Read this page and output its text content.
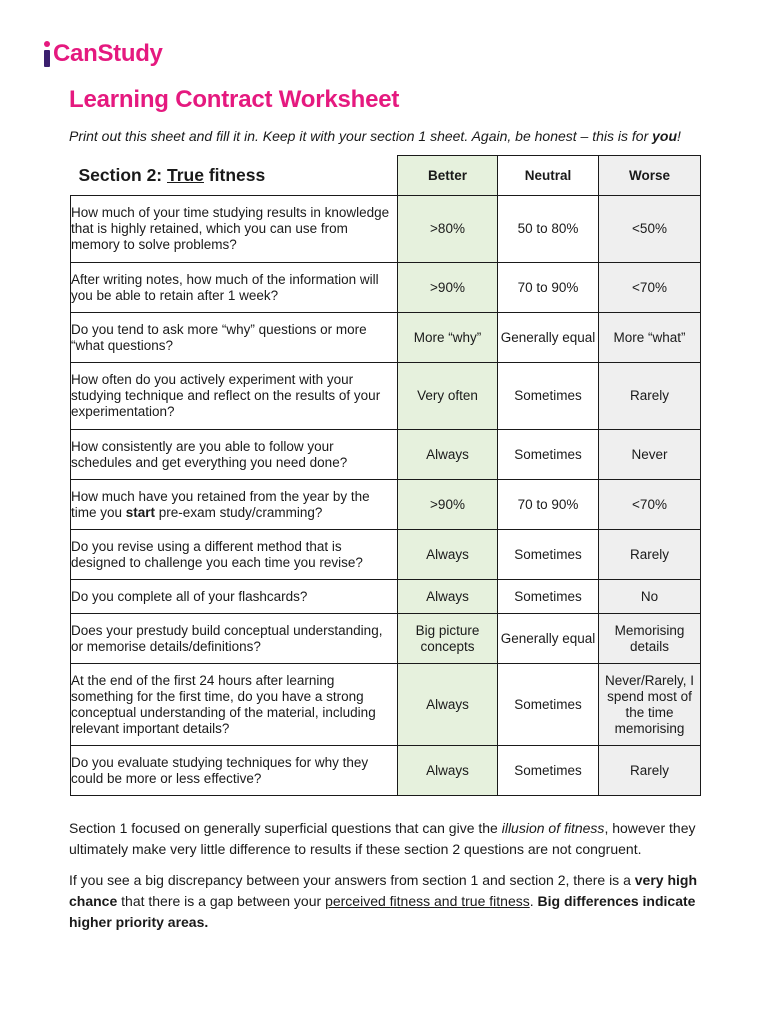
CanStudy
Learning Contract Worksheet
Print out this sheet and fill it in. Keep it with your section 1 sheet. Again, be honest – this is for you!
Section 2: True fitness	Better	Neutral	Worse
How much of your time studying results in knowledge that is highly retained, which you can use from memory to solve problems?	>80%	50 to 80%	<50%
After writing notes, how much of the information will you be able to retain after 1 week?	>90%	70 to 90%	<70%
Do you tend to ask more “why” questions or more “what questions?	More “why”	Generally equal	More “what”
How often do you actively experiment with your studying technique and reflect on the results of your experimentation?	Very often	Sometimes	Rarely
How consistently are you able to follow your schedules and get everything you need done?	Always	Sometimes	Never
How much have you retained from the year by the time you start pre-exam study/cramming?	>90%	70 to 90%	<70%
Do you revise using a different method that is designed to challenge you each time you revise?	Always	Sometimes	Rarely
Do you complete all of your flashcards?	Always	Sometimes	No
Does your prestudy build conceptual understanding, or memorise details/definitions?	Big picture concepts	Generally equal	Memorising details
At the end of the first 24 hours after learning something for the first time, do you have a strong conceptual understanding of the material, including relevant important details?	Always	Sometimes	Never/Rarely, I spend most of the time memorising
Do you evaluate studying techniques for why they could be more or less effective?	Always	Sometimes	Rarely
Section 1 focused on generally superficial questions that can give the illusion of fitness, however they ultimately make very little difference to results if these section 2 questions are not congruent.
If you see a big discrepancy between your answers from section 1 and section 2, there is a very high chance that there is a gap between your perceived fitness and true fitness. Big differences indicate higher priority areas.
